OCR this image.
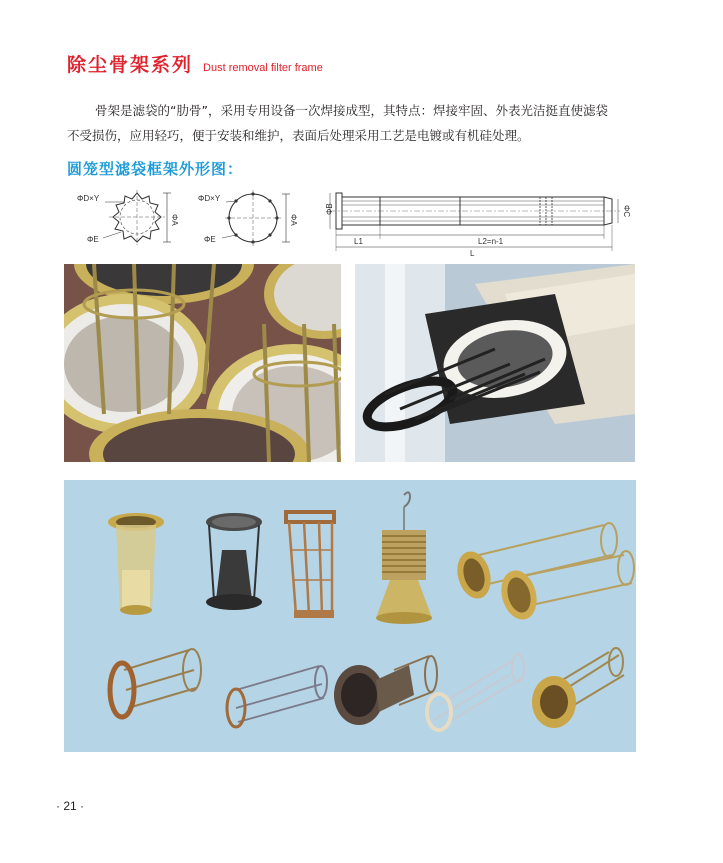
除尘骨架系列 Dust removal filter frame
骨架是滤袋的“肋骨”，采用专用设备一次焊接成型，其特点：焊接牢固、外表光洁挺直使滤袋
不受损伤，应用轻巧，便于安装和维护，表面后处理采用工艺是电镀或有机硅处理。
圆笼型滤袋框架外形图：
ΦD×Y
ΦE
ΦA
ΦD×Y
ΦE
ΦA
ΦB	ΦC
L1	L2=n-1
L
· 21 ·
